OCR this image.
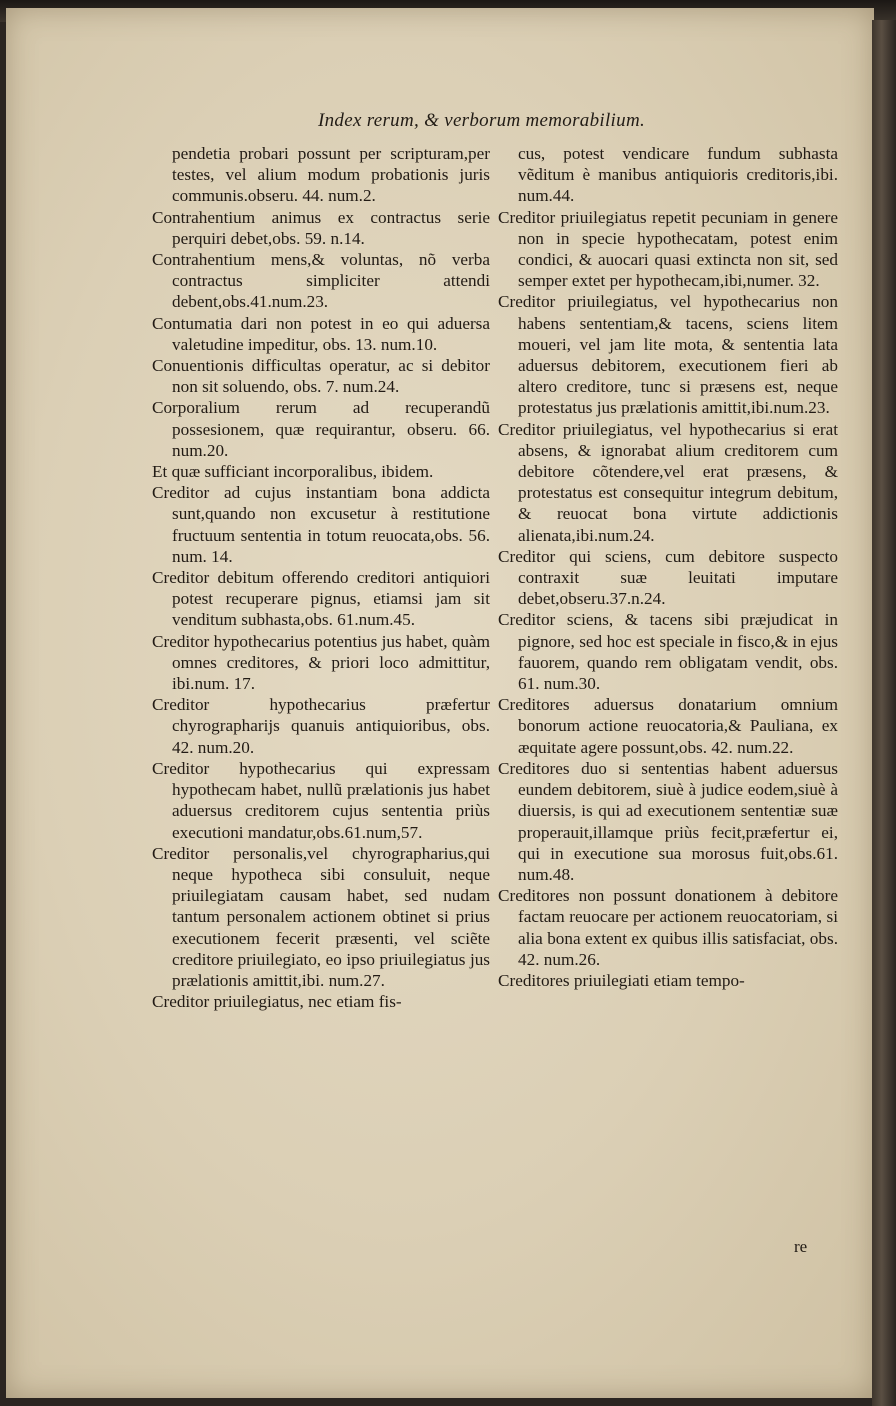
Index rerum, & verborum memorabilium.

pendetia probari possunt per scripturam,per testes, vel alium modum probationis juris communis.obseru. 44. num.2.

Contrahentium animus ex contractus serie perquiri debet,obs. 59. n.14.

Contrahentium mens,& voluntas, nõ verba contractus simpliciter attendi debent,obs.41.num.23.

Contumatia dari non potest in eo qui aduersa valetudine impeditur, obs. 13. num.10.

Conuentionis difficultas operatur, ac si debitor non sit soluendo, obs. 7. num.24.

Corporalium rerum ad recuperandũ possesionem, quæ requirantur, obseru. 66. num.20.

Et quæ sufficiant incorporalibus, ibidem.

Creditor ad cujus instantiam bona addicta sunt,quando non excusetur à restitutione fructuum sententia in totum reuocata,obs. 56. num. 14.

Creditor debitum offerendo creditori antiquiori potest recuperare pignus, etiamsi jam sit venditum subhasta,obs. 61.num.45.

Creditor hypothecarius potentius jus habet, quàm omnes creditores, & priori loco admittitur, ibi.num. 17.

Creditor hypothecarius præfertur chyrographarijs quanuis antiquioribus, obs. 42. num.20.

Creditor hypothecarius qui expressam hypothecam habet, nullũ prælationis jus habet aduersus creditorem cujus sententia priùs executioni mandatur,obs.61.num,57.

Creditor personalis,vel chyrographarius,qui neque hypotheca sibi consuluit, neque priuilegiatam causam habet, sed nudam tantum personalem actionem obtinet si prius executionem fecerit præsenti, vel sciẽte creditore priuilegiato, eo ipso priuilegiatus jus prælationis amittit,ibi. num.27.

Creditor priuilegiatus, nec etiam fis-

cus, potest vendicare fundum subhasta vẽditum è manibus antiquioris creditoris,ibi. num.44.

Creditor priuilegiatus repetit pecuniam in genere non in specie hypothecatam, potest enim condici, & auocari quasi extincta non sit, sed semper extet per hypothecam,ibi,numer. 32.

Creditor priuilegiatus, vel hypothecarius non habens sententiam,& tacens, sciens litem moueri, vel jam lite mota, & sententia lata aduersus debitorem, executionem fieri ab altero creditore, tunc si præsens est, neque protestatus jus prælationis amittit,ibi.num.23.

Creditor priuilegiatus, vel hypothecarius si erat absens, & ignorabat alium creditorem cum debitore cõtendere,vel erat præsens, & protestatus est consequitur integrum debitum, & reuocat bona virtute addictionis alienata,ibi.num.24.

Creditor qui sciens, cum debitore suspecto contraxit suæ leuitati imputare debet,obseru.37.n.24.

Creditor sciens, & tacens sibi præjudicat in pignore, sed hoc est speciale in fisco,& in ejus fauorem, quando rem obligatam vendit, obs. 61. num.30.

Creditores aduersus donatarium omnium bonorum actione reuocatoria,& Pauliana, ex æquitate agere possunt,obs. 42. num.22.

Creditores duo si sententias habent aduersus eundem debitorem, siuè à judice eodem,siuè à diuersis, is qui ad executionem sententiæ suæ properauit,illamque priùs fecit,præfertur ei, qui in executione sua morosus fuit,obs.61. num.48.

Creditores non possunt donationem à debitore factam reuocare per actionem reuocatoriam, si alia bona extent ex quibus illis satisfaciat, obs. 42. num.26.

Creditores priuilegiati etiam tempo-

re
